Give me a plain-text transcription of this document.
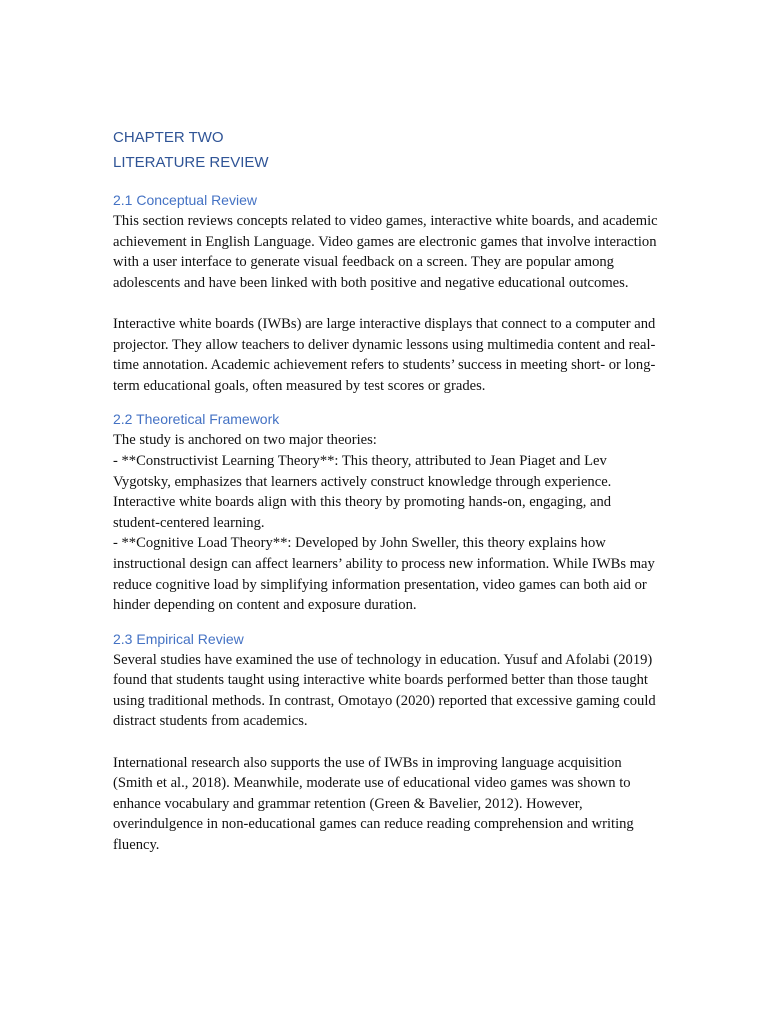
CHAPTER TWO
LITERATURE REVIEW
2.1 Conceptual Review

This section reviews concepts related to video games, interactive white boards, and academic achievement in English Language. Video games are electronic games that involve interaction with a user interface to generate visual feedback on a screen. They are popular among adolescents and have been linked with both positive and negative educational outcomes.

Interactive white boards (IWBs) are large interactive displays that connect to a computer and projector. They allow teachers to deliver dynamic lessons using multimedia content and real-time annotation. Academic achievement refers to students’ success in meeting short- or long-term educational goals, often measured by test scores or grades.

2.2 Theoretical Framework

The study is anchored on two major theories:

- **Constructivist Learning Theory**: This theory, attributed to Jean Piaget and Lev Vygotsky, emphasizes that learners actively construct knowledge through experience. Interactive white boards align with this theory by promoting hands-on, engaging, and student-centered learning.

- **Cognitive Load Theory**: Developed by John Sweller, this theory explains how instructional design can affect learners’ ability to process new information. While IWBs may reduce cognitive load by simplifying information presentation, video games can both aid or hinder depending on content and exposure duration.

2.3 Empirical Review

Several studies have examined the use of technology in education. Yusuf and Afolabi (2019) found that students taught using interactive white boards performed better than those taught using traditional methods. In contrast, Omotayo (2020) reported that excessive gaming could distract students from academics.

International research also supports the use of IWBs in improving language acquisition (Smith et al., 2018). Meanwhile, moderate use of educational video games was shown to enhance vocabulary and grammar retention (Green & Bavelier, 2012). However, overindulgence in non-educational games can reduce reading comprehension and writing fluency.
